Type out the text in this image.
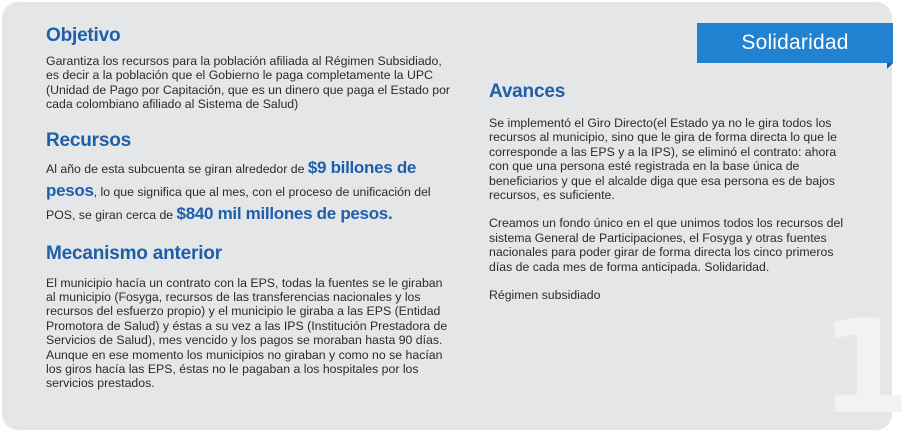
1
Solidaridad
Objetivo

Garantiza los recursos para la población afiliada al Régimen Subsidiado, es decir a la población que el Gobierno le paga completamente la UPC (Unidad de Pago por Capitación, que es un dinero que paga el Estado por cada colombiano afiliado al Sistema de Salud)

Recursos

Al año de esta subcuenta se giran alrededor de $9 billones de pesos, lo que significa que al mes, con el proceso de unificación del POS, se giran cerca de $840 mil millones de pesos.

Mecanismo anterior

El municipio hacía un contrato con la EPS, todas la fuentes se le giraban al municipio (Fosyga, recursos de las transferencias nacionales y los recursos del esfuerzo propio) y el municipio le giraba a las EPS (Entidad Promotora de Salud) y éstas a su vez a las IPS (Institución Prestadora de Servicios de Salud), mes vencido y los pagos se moraban hasta 90 días. Aunque en ese momento los municipios no giraban y como no se hacían los giros hacía las EPS, éstas no le pagaban a los hospitales por los servicios prestados.

Avances

Se implementó el Giro Directo(el Estado ya no le gira todos los recursos al municipio, sino que le gira de forma directa lo que le corresponde a las EPS y a la IPS), se eliminó el contrato: ahora con que una persona esté registrada en la base única de beneficiarios y que el alcalde diga que esa persona es de bajos recursos, es suficiente.

Creamos un fondo único en el que unimos todos los recursos del sistema General de Participaciones, el Fosyga y otras fuentes nacionales para poder girar de forma directa los cinco primeros días de cada mes de forma anticipada. Solidaridad.

Régimen subsidiado
